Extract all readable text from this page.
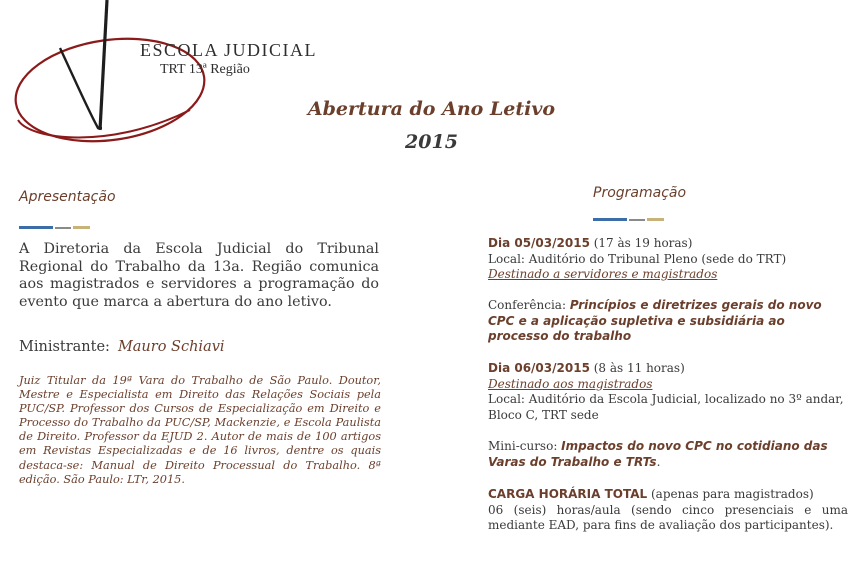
ESCOLA JUDICIAL
TRT 13ª Região
Abertura do Ano Letivo
2015
Apresentação
A Diretoria da Escola Judicial do Tribunal Regional do Trabalho da 13a. Região comunica aos magistrados e servidores a programação do evento que marca a abertura do ano letivo.
Ministrante: Mauro Schiavi
Juiz Titular da 19ª Vara do Trabalho de São Paulo. Doutor, Mestre e Especialista em Direito das Relações Sociais pela PUC/SP. Professor dos Cursos de Especialização em Direito e Processo do Trabalho da PUC/SP, Mackenzie, e Escola Paulista de Direito. Professor da EJUD 2. Autor de mais de 100 artigos em Revistas Especializadas e de 16 livros, dentre os quais destaca-se: Manual de Direito Processual do Trabalho. 8ª edição. São Paulo: LTr, 2015.
Programação
Dia 05/03/2015 (17 às 19 horas)
Local: Auditório do Tribunal Pleno (sede do TRT)
Destinado a servidores e magistrados
Conferência: Princípios e diretrizes gerais do novo CPC e a aplicação supletiva e subsidiária ao processo do trabalho
Dia 06/03/2015 (8 às 11 horas)
Destinado aos magistrados
Local: Auditório da Escola Judicial, localizado no 3º andar, Bloco C, TRT sede
Mini-curso: Impactos do novo CPC no cotidiano das Varas do Trabalho e TRTs.
CARGA HORÁRIA TOTAL (apenas para magistrados)
06 (seis) horas/aula (sendo cinco presenciais e uma mediante EAD, para fins de avaliação dos participantes).
